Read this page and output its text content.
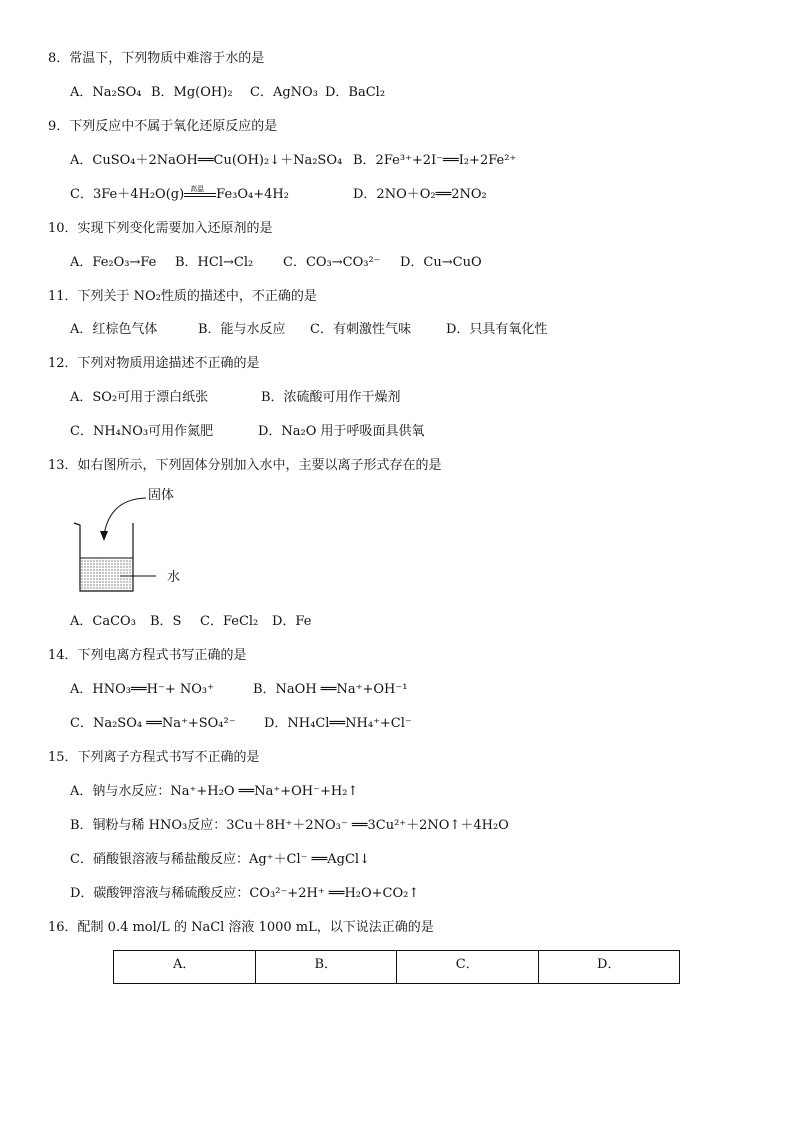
8．常温下，下列物质中难溶于水的是
A．Na₂SO₄ B．Mg(OH)₂ C．AgNO₃ D．BaCl₂
9．下列反应中不属于氧化还原反应的是
A．CuSO₄＋2NaOH══Cu(OH)₂↓＋Na₂SO₄ B．2Fe³⁺+2I⁻══I₂+2Fe²⁺
C．3Fe＋4H₂O(g) 高温 Fe₃O₄+4H₂	D．2NO＋O₂══2NO₂
10．实现下列变化需要加入还原剂的是
A．Fe₂O₃→Fe B．HCl→Cl₂ C．CO₃→CO₃²⁻ D．Cu→CuO
11．下列关于 NO₂性质的描述中，不正确的是
A．红棕色气体	B．能与水反应 C．有刺激性气味	D．只具有氧化性
12．下列对物质用途描述不正确的是
A．SO₂可用于漂白纸张	B．浓硫酸可用作干燥剂
C．NH₄NO₃可用作氮肥	D．Na₂O 用于呼吸面具供氧
13．如右图所示，下列固体分别加入水中，主要以离子形式存在的是
固体
水
A．CaCO₃ B．S C．FeCl₂ D．Fe
14．下列电离方程式书写正确的是
A．HNO₃══H⁻+ NO₃⁺	B．NaOH ══Na⁺+OH⁻¹
C．Na₂SO₄ ══Na⁺+SO₄²⁻ D．NH₄Cl══NH₄⁺+Cl⁻
15．下列离子方程式书写不正确的是
A．钠与水反应：Na⁺+H₂O ══Na⁺+OH⁻+H₂↑
B．铜粉与稀 HNO₃反应：3Cu＋8H⁺＋2NO₃⁻ ══3Cu²⁺＋2NO↑＋4H₂O
C．硝酸银溶液与稀盐酸反应：Ag⁺＋Cl⁻ ══AgCl↓
D．碳酸钾溶液与稀硫酸反应：CO₃²⁻+2H⁺ ══H₂O+CO₂↑
16．配制 0.4 mol/L 的 NaCl 溶液 1000 mL，以下说法正确的是
A．	B．	C．	D．
